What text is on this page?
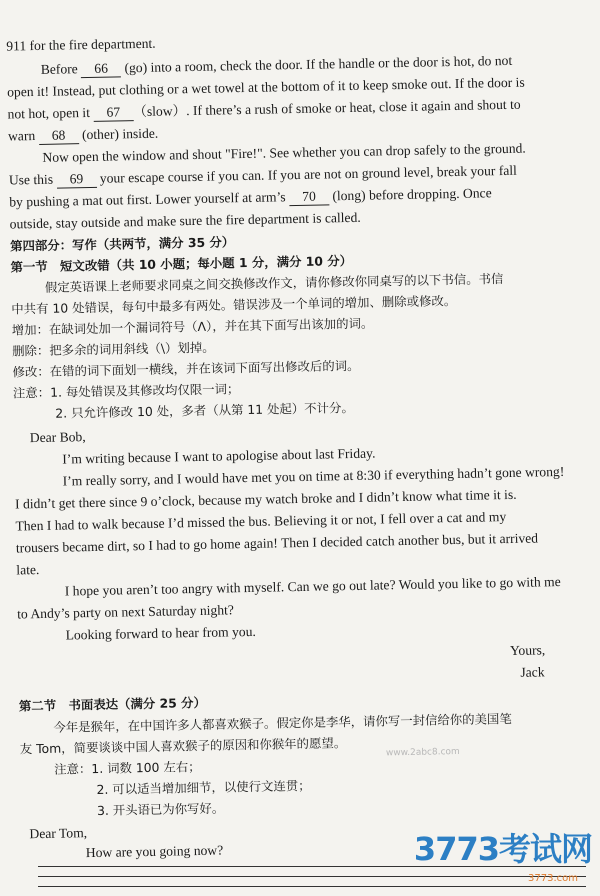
911 for the fire department.
Before 66 (go) into a room, check the door. If the handle or the door is hot, do not
open it! Instead, put clothing or a wet towel at the bottom of it to keep smoke out. If the door is
not hot, open it 67 （slow）. If there’s a rush of smoke or heat, close it again and shout to
warn 68 (other) inside.
Now open the window and shout "Fire!". See whether you can drop safely to the ground.
Use this 69 your escape course if you can. If you are not on ground level, break your fall
by pushing a mat out first. Lower yourself at arm’s 70 (long) before dropping. Once
outside, stay outside and make sure the fire department is called.
第四部分：写作（共两节，满分 35 分）
第一节　短文改错（共 10 小题；每小题 1 分，满分 10 分）
假定英语课上老师要求同桌之间交换修改作文，请你修改你同桌写的以下书信。书信
中共有 10 处错误，每句中最多有两处。错误涉及一个单词的增加、删除或修改。
增加：在缺词处加一个漏词符号（Λ），并在其下面写出该加的词。
删除：把多余的词用斜线（\）划掉。
修改：在错的词下面划一横线，并在该词下面写出修改后的词。
注意：1. 每处错误及其修改均仅限一词；
2. 只允许修改 10 处，多者（从第 11 处起）不计分。
Dear Bob,
I’m writing because I want to apologise about last Friday.
I’m really sorry, and I would have met you on time at 8:30 if everything hadn’t gone wrong!
I didn’t get there since 9 o’clock, because my watch broke and I didn’t know what time it is.
Then I had to walk because I’d missed the bus. Believing it or not, I fell over a cat and my
trousers became dirt, so I had to go home again! Then I decided catch another bus, but it arrived
late.
I hope you aren’t too angry with myself. Can we go out late? Would you like to go with me
to Andy’s party on next Saturday night?
Looking forward to hear from you.
Yours,
Jack
第二节　书面表达（满分 25 分）
今年是猴年，在中国许多人都喜欢猴子。假定你是李华，请你写一封信给你的美国笔
友 Tom，简要谈谈中国人喜欢猴子的原因和你猴年的愿望。
注意：1. 词数 100 左右；
2. 可以适当增加细节，以使行文连贯；
3. 开头语已为你写好。
Dear Tom,
How are you going now?
www.2abc8.com
3773考试网
3773.com
